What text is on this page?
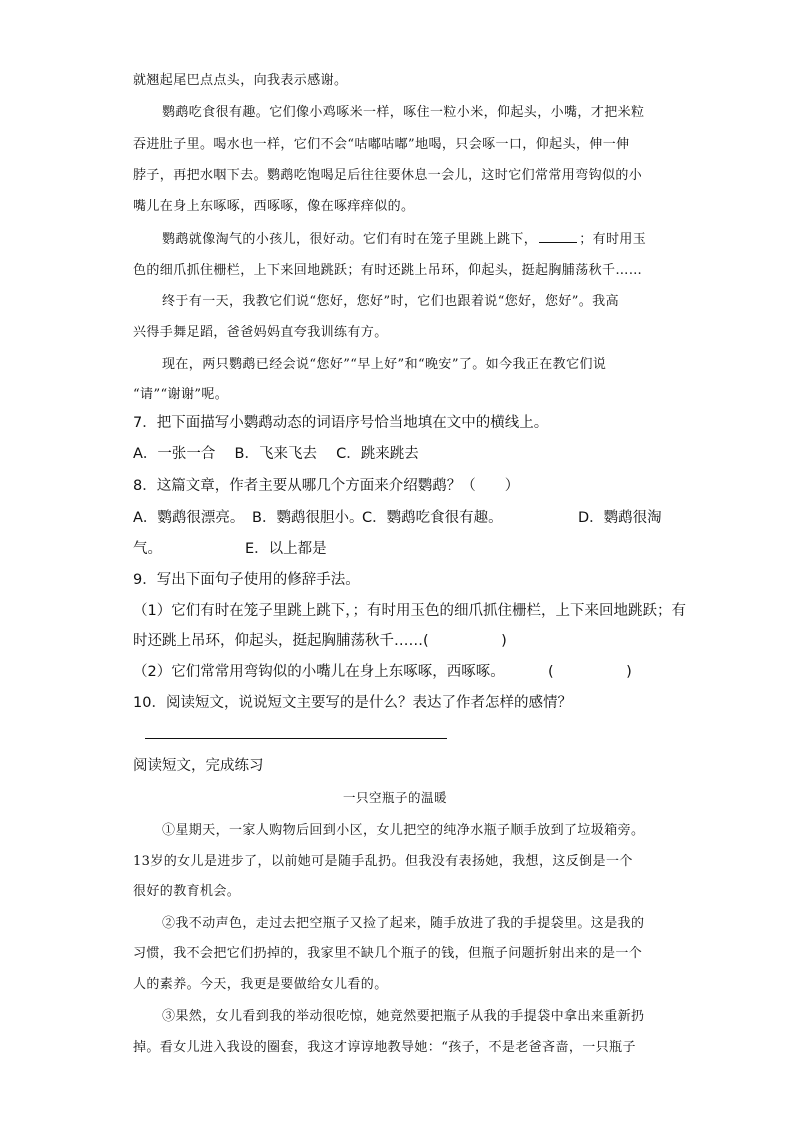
就翘起尾巴点点头，向我表示感谢。
鹦鹉吃食很有趣。它们像小鸡啄米一样，啄住一粒小米，仰起头，小嘴，才把米粒
吞进肚子里。喝水也一样，它们不会“咕嘟咕嘟”地喝，只会啄一口，仰起头，伸一伸
脖子，再把水咽下去。鹦鹉吃饱喝足后往往要休息一会儿，这时它们常常用弯钩似的小
嘴儿在身上东啄啄，西啄啄，像在啄痒痒似的。
鹦鹉就像淘气的小孩儿，很好动。它们有时在笼子里跳上跳下，	；有时用玉
色的细爪抓住栅栏，上下来回地跳跃；有时还跳上吊环，仰起头，挺起胸脯荡秋千……
终于有一天，我教它们说“您好，您好”时，它们也跟着说“您好，您好”。我高
兴得手舞足蹈，爸爸妈妈直夸我训练有方。
现在，两只鹦鹉已经会说“您好”“早上好”和“晚安”了。如今我正在教它们说
“请”“谢谢”呢。
7．把下面描写小鹦鹉动态的词语序号恰当地填在文中的横线上。
A．一张一合　 B．飞来飞去　 C．跳来跳去
8．这篇文章，作者主要从哪几个方面来介绍鹦鹉？（　　）
A．鹦鹉很漂亮。 B．鹦鹉很胆小。
C．鹦鹉吃食很有趣。	D．鹦鹉很淘
气。	E．以上都是
9．写出下面句子使用的修辞手法。
（1）它们有时在笼子里跳上跳下，；有时用玉色的细爪抓住栅栏，上下来回地跳跃；有
时还跳上吊环，仰起头，挺起胸脯荡秋千……(　　　　　)
（2）它们常常用弯钩似的小嘴儿在身上东啄啄，西啄啄。	(　　　　　)
10．阅读短文，说说短文主要写的是什么？表达了作者怎样的感情？
阅读短文，完成练习
一只空瓶子的温暖
①星期天，一家人购物后回到小区，女儿把空的纯净水瓶子顺手放到了垃圾箱旁。
13岁的女儿是进步了，以前她可是随手乱扔。但我没有表扬她，我想，这反倒是一个
很好的教育机会。
②我不动声色，走过去把空瓶子又捡了起来，随手放进了我的手提袋里。这是我的
习惯，我不会把它们扔掉的，我家里不缺几个瓶子的钱，但瓶子问题折射出来的是一个
人的素养。今天，我更是要做给女儿看的。
③果然，女儿看到我的举动很吃惊，她竟然要把瓶子从我的手提袋中拿出来重新扔
掉。看女儿进入我设的圈套，我这才谆谆地教导她：“孩子，不是老爸吝啬，一只瓶子
